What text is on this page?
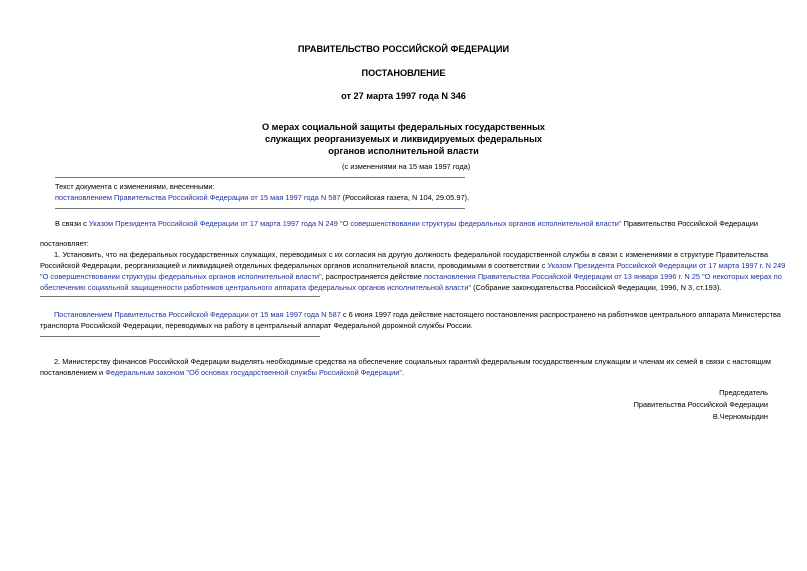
ПРАВИТЕЛЬСТВО РОССИЙСКОЙ ФЕДЕРАЦИИ
ПОСТАНОВЛЕНИЕ
от 27 марта 1997 года N 346
О мерах социальной защиты федеральных государственных
служащих реорганизуемых и ликвидируемых федеральных
органов исполнительной власти
(с изменениями на 15 мая 1997 года)
Текст документа с изменениями, внесенными:
постановлением Правительства Российской Федерации от 15 мая 1997 года N 587 (Российская газета, N 104, 29.05.97).
В связи с Указом Президента Российской Федерации от 17 марта 1997 года N 249 "О совершенствовании структуры федеральных органов исполнительной власти" Правительство Российской Федерации
постановляет:
1. Установить, что на федеральных государственных служащих, переводимых с их согласия на другую должность федеральной государственной службы в связи с изменениями в структуре Правительства
Российской Федерации, реорганизацией и ликвидацией отдельных федеральных органов исполнительной власти, проводимыми в соответствии с Указом Президента Российской Федерации от 17 марта 1997 г. N 249
"О совершенствовании структуры федеральных органов исполнительной власти", распространяется действие постановления Правительства Российской Федерации от 13 января 1996 г. N 25 "О некоторых мерах по
обеспечению социальной защищенности работников центрального аппарата федеральных органов исполнительной власти" (Собрание законодательства Российской Федерации, 1996, N 3, ст.193).
Постановлением Правительства Российской Федерации от 15 мая 1997 года N 587 с 6 июня 1997 года действие настоящего постановления распространено на работников центрального аппарата Министерства
транспорта Российской Федерации, переводимых на работу в центральный аппарат Федеральной дорожной службы России.
2. Министерству финансов Российской Федерации выделять необходимые средства на обеспечение социальных гарантий федеральным государственным служащим и членам их семей в связи с настоящим
постановлением и Федеральным законом "Об основах государственной службы Российской Федерации".
Председатель
Правительства Российской Федерации
В.Черномырдин
